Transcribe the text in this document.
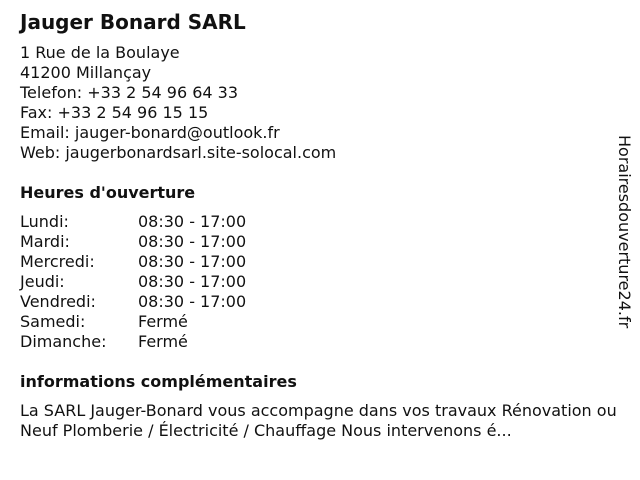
Jauger Bonard SARL
1 Rue de la Boulaye
41200 Millançay
Telefon: +33 2 54 96 64 33
Fax: +33 2 54 96 15 15
Email: jauger-bonard@outlook.fr
Web: jaugerbonardsarl.site-solocal.com
Heures d'ouverture
Lundi:	08:30 - 17:00
Mardi:	08:30 - 17:00
Mercredi:	08:30 - 17:00
Jeudi:	08:30 - 17:00
Vendredi:	08:30 - 17:00
Samedi:	Fermé
Dimanche:	Fermé
informations complémentaires
La SARL Jauger-Bonard vous accompagne dans vos travaux Rénovation ou Neuf Plomberie / Électricité / Chauffage Nous intervenons é...
Horairesdouverture24.fr
